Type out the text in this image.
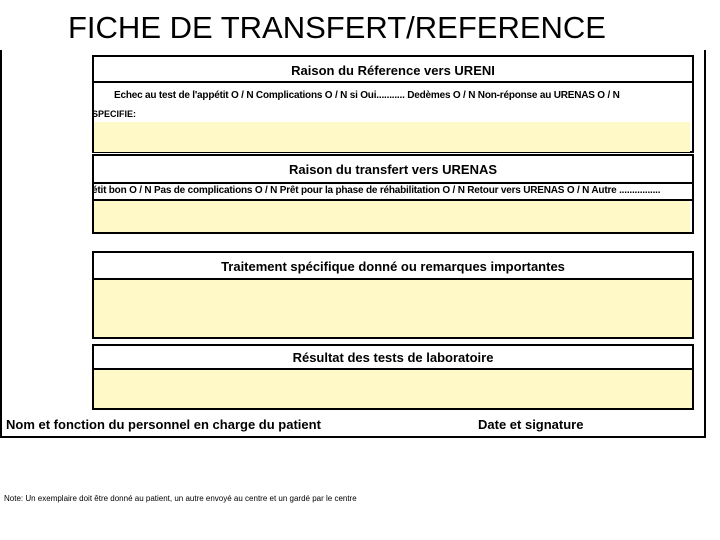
FICHE DE TRANSFERT/REFERENCE
Raison du Réference vers URENI
Echec au test de l'appétit O / N Complications O / N si Oui........... Dedèmes O / N Non-réponse au URENAS O / N
SPECIFIE:
Raison du transfert vers URENAS
étit bon O / N Pas de complications O / N Prêt pour la phase de réhabilitation O / N Retour vers URENAS O / N Autre ................
Traitement spécifique donné ou remarques importantes
Résultat des tests de laboratoire
Nom et fonction du personnel en charge du patient	Date et signature
Note: Un exemplaire doit être donné au patient, un autre envoyé au centre et un gardé par le centre
